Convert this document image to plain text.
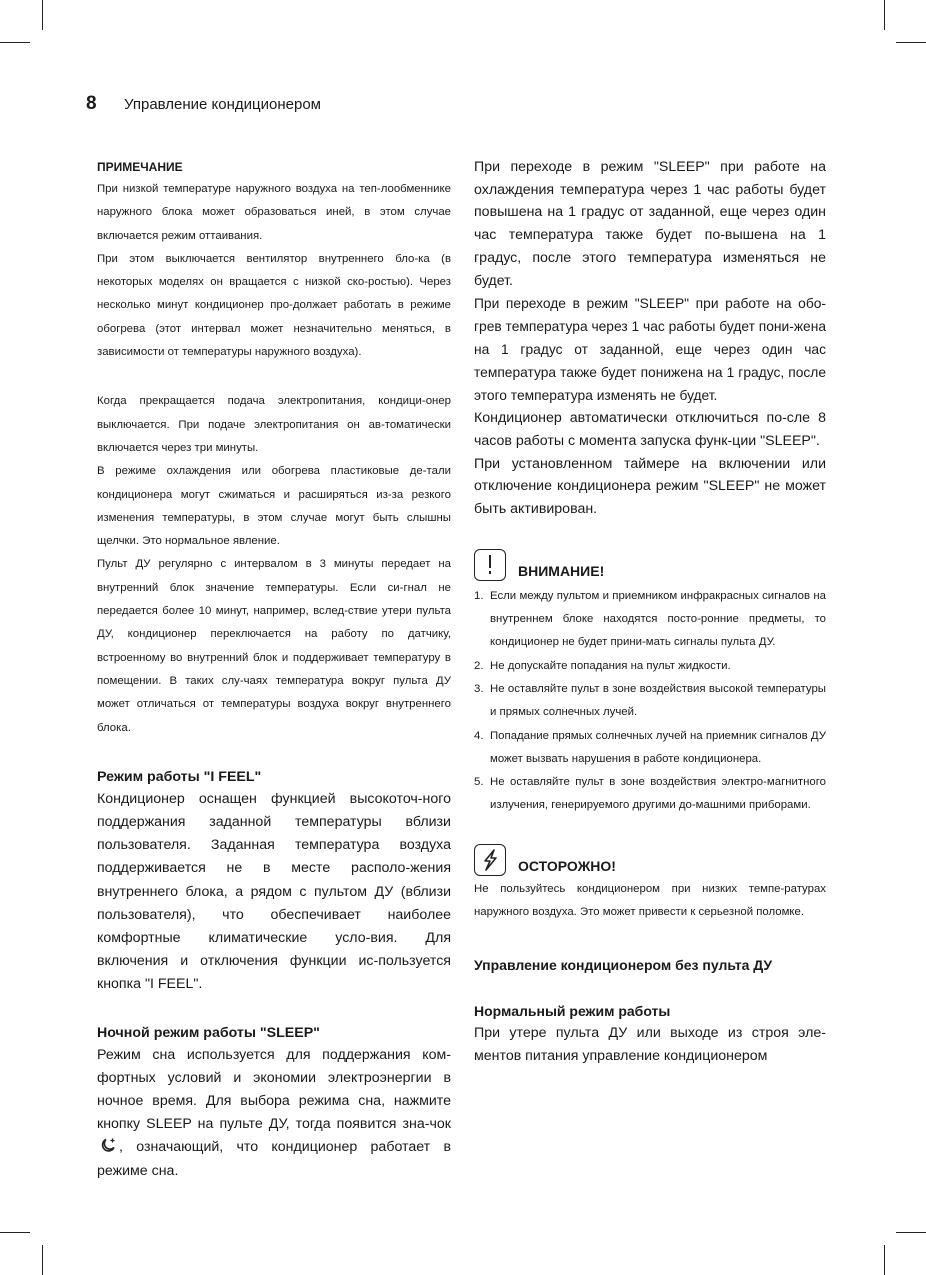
8	Управление кондиционером

ПРИМЕЧАНИЕ

При низкой температуре наружного воздуха на теп-лообменнике наружного блока может образоваться иней, в этом случае включается режим оттаивания.

При этом выключается вентилятор внутреннего бло-ка (в некоторых моделях он вращается с низкой ско-ростью). Через несколько минут кондиционер про-должает работать в режиме обогрева (этот интервал может незначительно меняться, в зависимости от температуры наружного воздуха).

Когда прекращается подача электропитания, кондици-онер выключается. При подаче электропитания он ав-томатически включается через три минуты.

В режиме охлаждения или обогрева пластиковые де-тали кондиционера могут сжиматься и расширяться из-за резкого изменения температуры, в этом случае могут быть слышны щелчки. Это нормальное явление.

Пульт ДУ регулярно с интервалом в 3 минуты передает на внутренний блок значение температуры. Если си-гнал не передается более 10 минут, например, вслед-ствие утери пульта ДУ, кондиционер переключается на работу по датчику, встроенному во внутренний блок и поддерживает температуру в помещении. В таких слу-чаях температура вокруг пульта ДУ может отличаться от температуры воздуха вокруг внутреннего блока.

Режим работы "I FEEL"

Кондиционер оснащен функцией высокоточ-ного поддержания заданной температуры вблизи пользователя. Заданная температура воздуха поддерживается не в месте располо-жения внутреннего блока, а рядом с пультом ДУ (вблизи пользователя), что обеспечивает наиболее комфортные климатические усло-вия. Для включения и отключения функции ис-пользуется кнопка "I FEEL".

Ночной режим работы "SLEEP"

Режим сна используется для поддержания ком-фортных условий и экономии электроэнергии в ночное время. Для выбора режима сна, нажмите кнопку SLEEP на пульте ДУ, тогда появится зна-чок , означающий, что кондиционер работает в режиме сна.

При переходе в режим "SLEEP" при работе на охлаждения температура через 1 час работы будет повышена на 1 градус от заданной, еще через один час температура также будет по-вышена на 1 градус, после этого температура изменяться не будет.

При переходе в режим "SLEEP" при работе на обо-грев температура через 1 час работы будет пони-жена на 1 градус от заданной, еще через один час температура также будет понижена на 1 градус, после этого температура изменять не будет.

Кондиционер автоматически отключиться по-сле 8 часов работы с момента запуска функ-ции "SLEEP".

При установленном таймере на включении или отключение кондиционера режим "SLEEP" не может быть активирован.

ВНИМАНИЕ!
1. Если между пультом и приемником инфракрасных сигналов на внутреннем блоке находятся посто-ронние предметы, то кондиционер не будет прини-мать сигналы пульта ДУ.
2. Не допускайте попадания на пульт жидкости.
3. Не оставляйте пульт в зоне воздействия высокой температуры и прямых солнечных лучей.
4. Попадание прямых солнечных лучей на приемник сигналов ДУ может вызвать нарушения в работе кондиционера.
5. Не оставляйте пульт в зоне воздействия электро-магнитного излучения, генерируемого другими до-машними приборами.
ОСТОРОЖНО!

Не пользуйтесь кондиционером при низких темпе-ратурах наружного воздуха. Это может привести к серьезной поломке.

Управление кондиционером без пульта ДУ

Нормальный режим работы

При утере пульта ДУ или выходе из строя эле-ментов питания управление кондиционером
